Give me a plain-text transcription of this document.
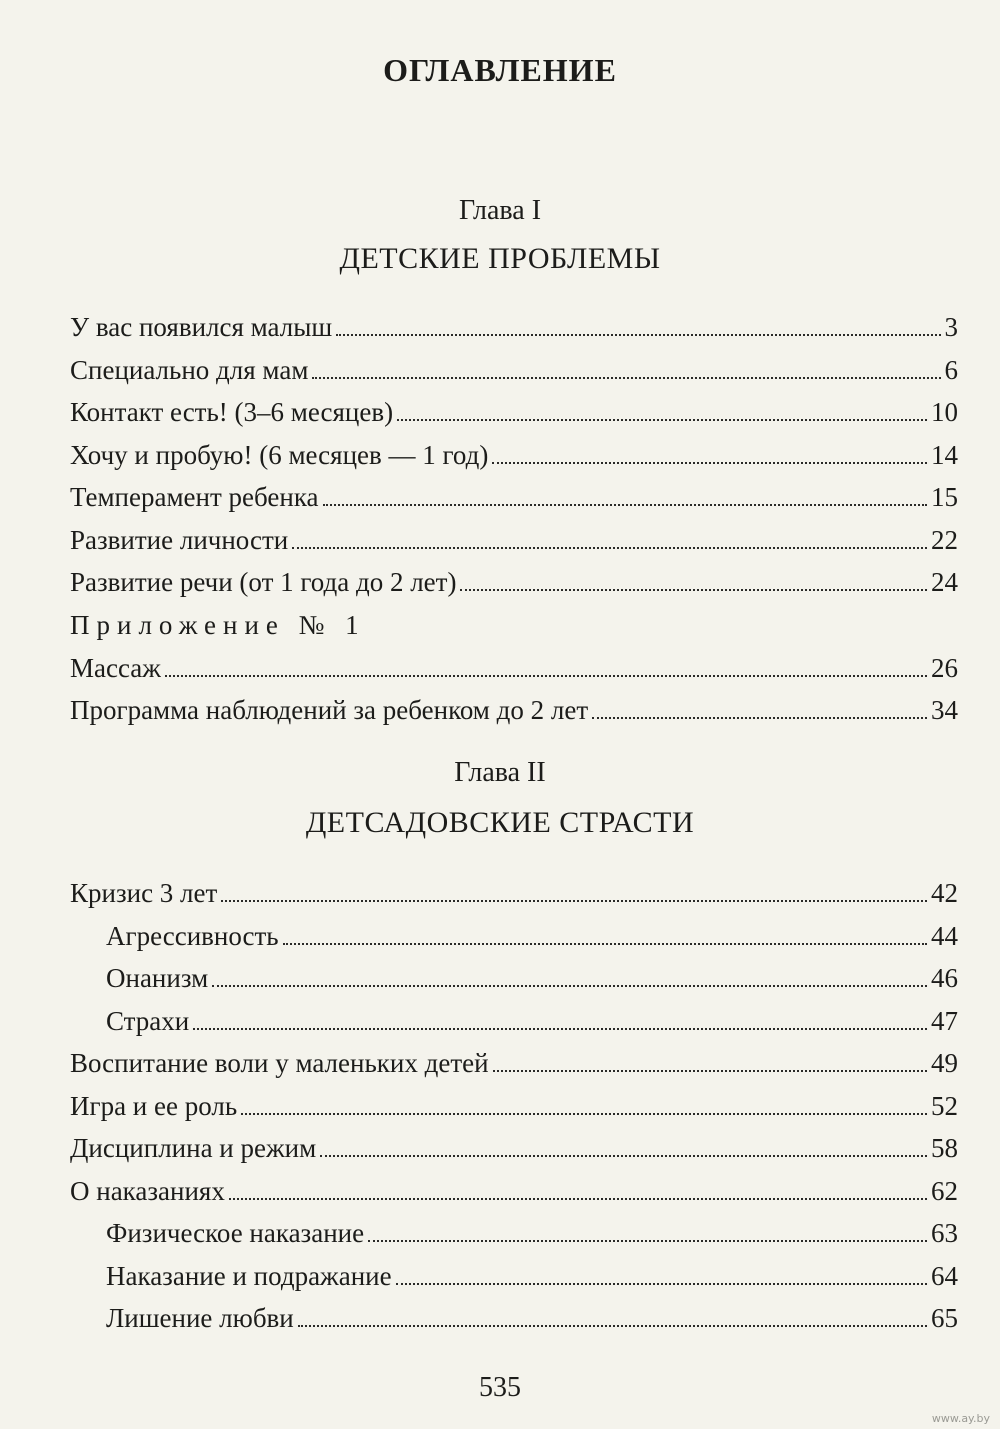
ОГЛАВЛЕНИЕ
Глава I
ДЕТСКИЕ ПРОБЛЕМЫ
У вас появился малыш	3
Специально для мам	6
Контакт есть! (3–6 месяцев)	10
Хочу и пробую! (6 месяцев — 1 год)	14
Темперамент ребенка	15
Развитие личности	22
Развитие речи (от 1 года до 2 лет)	24
Приложение № 1
Массаж	26
Программа наблюдений за ребенком до 2 лет	34
Глава II
ДЕТСАДОВСКИЕ СТРАСТИ
Кризис 3 лет	42
Агрессивность	44
Онанизм	46
Страхи	47
Воспитание воли у маленьких детей	49
Игра и ее роль	52
Дисциплина и режим	58
О наказаниях	62
Физическое наказание	63
Наказание и подражание	64
Лишение любви	65
535
www.ay.by
